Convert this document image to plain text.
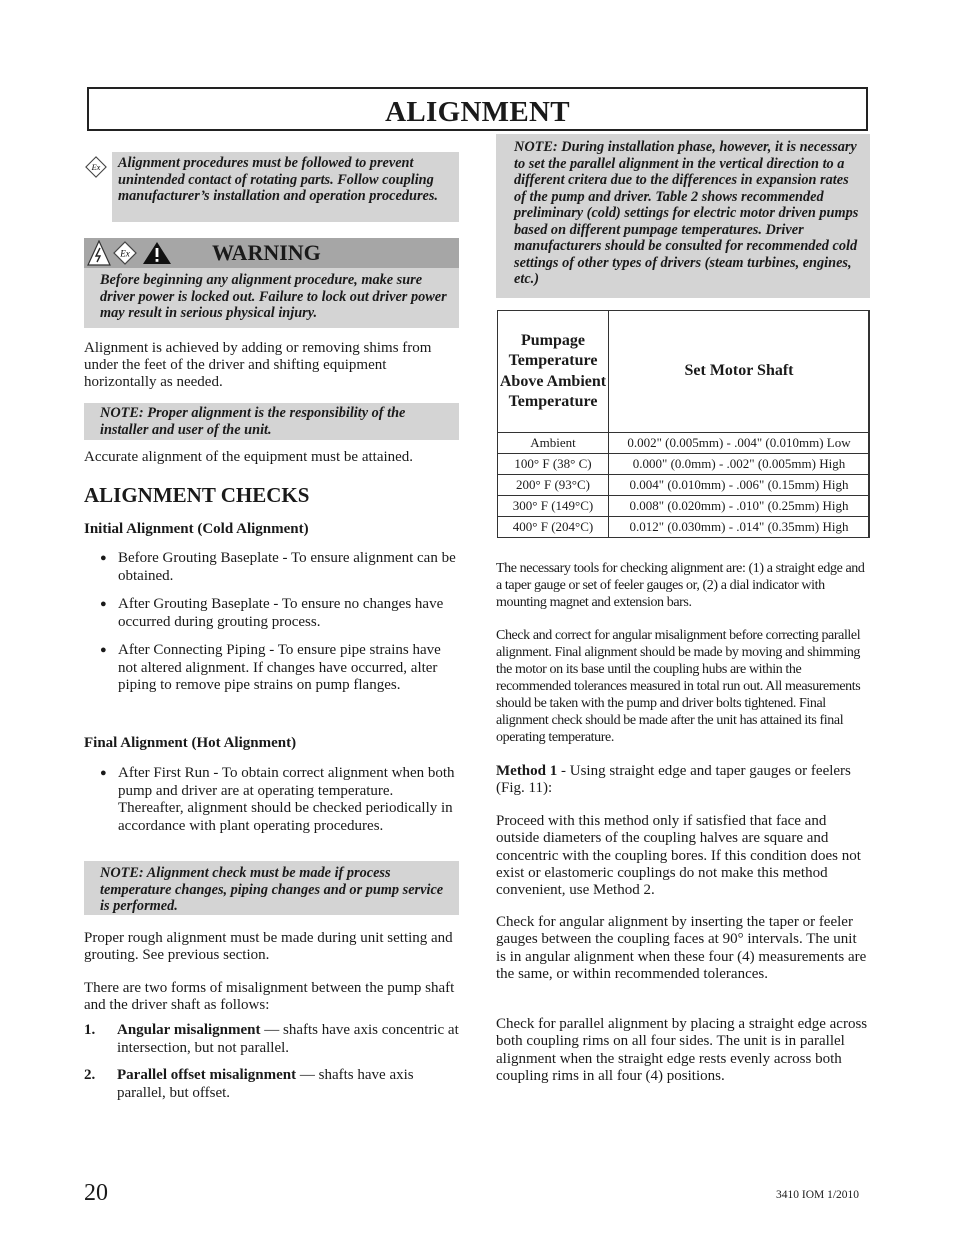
ALIGNMENT
Ex	Alignment procedures must be followed to prevent unintended contact of rotating parts. Follow coupling manufacturer’s installation and operation procedures.
Ex	WARNING
Before beginning any alignment procedure, make sure driver power is locked out. Failure to lock out driver power may result in serious physical injury.

Alignment is achieved by adding or removing shims from under the feet of the driver and shifting equipment horizontally as needed.

NOTE: Proper alignment is the responsibility of the installer and user of the unit.

Accurate alignment of the equipment must be attained.

ALIGNMENT CHECKS
Initial Alignment (Cold Alignment)
● Before Grouting Baseplate - To ensure alignment can be obtained.
● After Grouting Baseplate - To ensure no changes have occurred during grouting process.
● After Connecting Piping - To ensure pipe strains have not altered alignment. If changes have occurred, alter piping to remove pipe strains on pump flanges.
Final Alignment (Hot Alignment)
● After First Run - To obtain correct alignment when both pump and driver are at operating temperature. Thereafter, alignment should be checked periodically in accordance with plant operating procedures.
NOTE: Alignment check must be made if process temperature changes, piping changes and or pump service is performed.

Proper rough alignment must be made during unit setting and grouting. See previous section.

There are two forms of misalignment between the pump shaft and the driver shaft as follows:

1. Angular misalignment — shafts have axis concentric at intersection, but not parallel.
2. Parallel offset misalignment — shafts have axis parallel, but offset.
NOTE: During installation phase, however, it is necessary to set the parallel alignment in the vertical direction to a different critera due to the differences in expansion rates of the pump and driver. Table 2 shows recommended preliminary (cold) settings for electric motor driven pumps based on different pumpage temperatures. Driver manufacturers should be consulted for recommended cold settings of other types of drivers (steam turbines, engines, etc.)
Pumpage Temperature Above Ambient Temperature	Set Motor Shaft
Ambient	0.002" (0.005mm) - .004" (0.010mm) Low
100° F (38° C)	0.000" (0.0mm) - .002" (0.005mm) High
200° F (93°C)	0.004" (0.010mm) - .006" (0.15mm) High
300° F (149°C)	0.008" (0.020mm) - .010" (0.25mm) High
400° F (204°C)	0.012" (0.030mm) - .014" (0.35mm) High

The necessary tools for checking alignment are: (1) a straight edge and a taper gauge or set of feeler gauges or, (2) a dial indicator with mounting magnet and extension bars.

Check and correct for angular misalignment before correcting parallel alignment. Final alignment should be made by moving and shimming the motor on its base until the coupling hubs are within the recommended tolerances measured in total run out. All measurements should be taken with the pump and driver bolts tightened. Final alignment check should be made after the unit has attained its final operating temperature.

Method 1 - Using straight edge and taper gauges or feelers (Fig. 11):

Proceed with this method only if satisfied that face and outside diameters of the coupling halves are square and concentric with the coupling bores. If this condition does not exist or elastomeric couplings do not make this method convenient, use Method 2.

Check for angular alignment by inserting the taper or feeler gauges between the coupling faces at 90° intervals. The unit is in angular alignment when these four (4) measurements are the same, or within recommended tolerances.

Check for parallel alignment by placing a straight edge across both coupling rims on all four sides. The unit is in parallel alignment when the straight edge rests evenly across both coupling rims in all four (4) positions.

20	3410 IOM 1/2010
